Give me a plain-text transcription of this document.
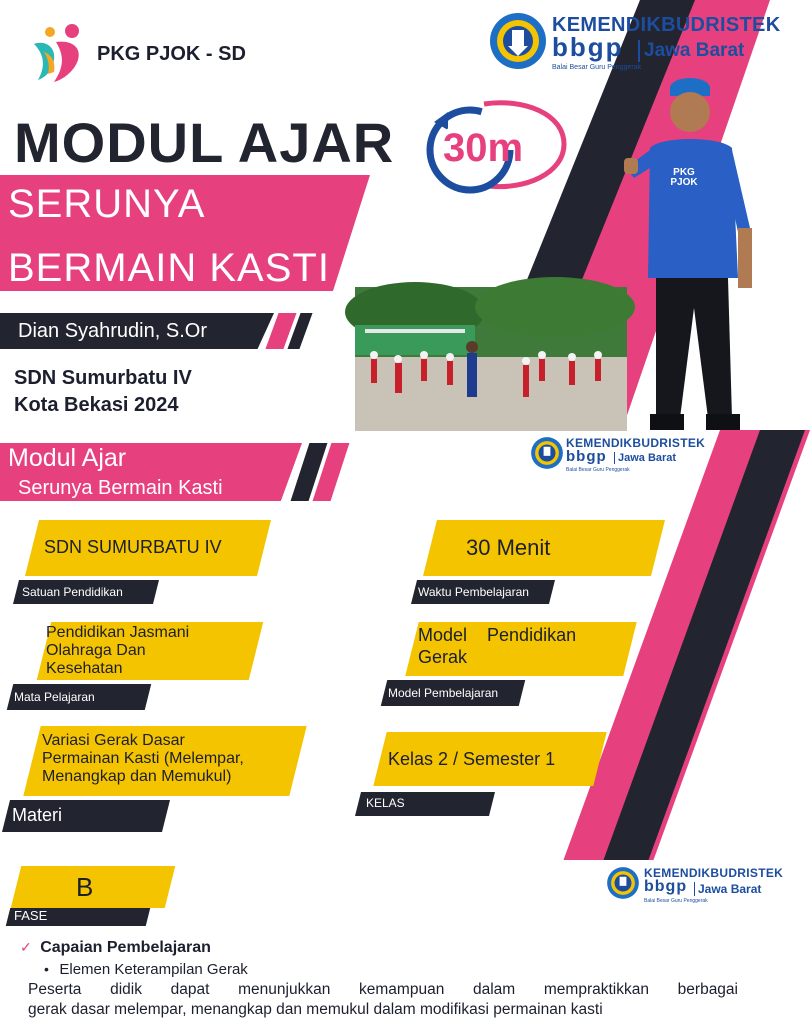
PKG PJOK - SD
KEMENDIKBUDRISTEK
bbgp	Jawa Barat
Balai Besar Guru Penggerak
MODUL AJAR 30m
SERUNYA
BERMAIN KASTI
Dian Syahrudin, S.Or
SDN Sumurbatu IV
Kota Bekasi 2024
PKG PJOK
Modul Ajar
Serunya Bermain Kasti
KEMENDIKBUDRISTEK
bbgp	Jawa Barat
Balai Besar Guru Penggerak
SDN SUMURBATU IV
Satuan Pendidikan
30 Menit
Waktu Pembelajaran
Pendidikan Jasmani
Olahraga Dan
Kesehatan
Mata Pelajaran
Model    Pendidikan
Gerak
Model Pembelajaran
Variasi Gerak Dasar
Permainan Kasti (Melempar,
Menangkap dan Memukul)
Materi
Kelas 2 / Semester 1
KELAS
B
FASE
KEMENDIKBUDRISTEK
bbgp Jawa Barat
Balai Besar Guru Penggerak
✓ Capaian Pembelajaran
• Elemen Keterampilan Gerak
Peserta didik dapat menunjukkan kemampuan dalam mempraktikkan berbagai
gerak dasar melempar, menangkap dan memukul dalam modifikasi permainan kasti
